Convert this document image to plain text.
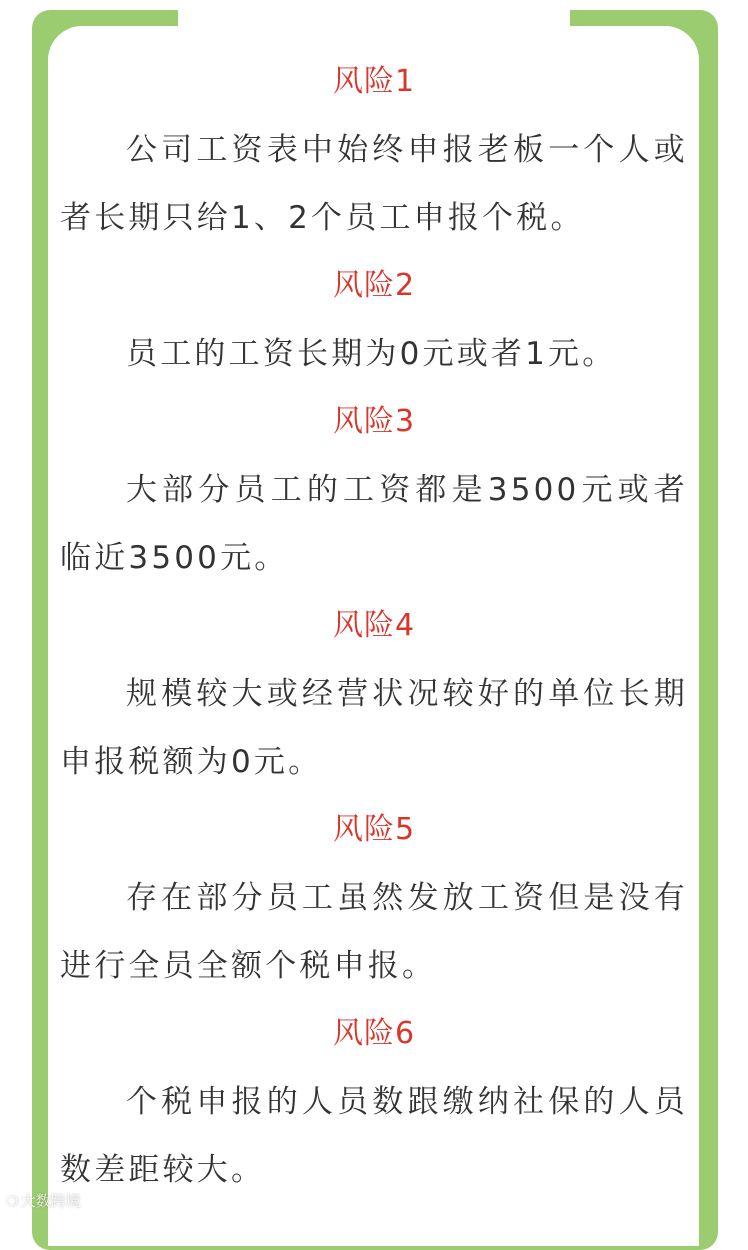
风险1

公司工资表中始终申报老板一个人或者长期只给1、2个员工申报个税。

风险2

员工的工资长期为0元或者1元。

风险3

大部分员工的工资都是3500元或者临近3500元。

风险4

规模较大或经营状况较好的单位长期申报税额为0元。

风险5

存在部分员工虽然发放工资但是没有进行全员全额个税申报。

风险6

个税申报的人员数跟缴纳社保的人员数差距较大。

❍ 大数跨境
